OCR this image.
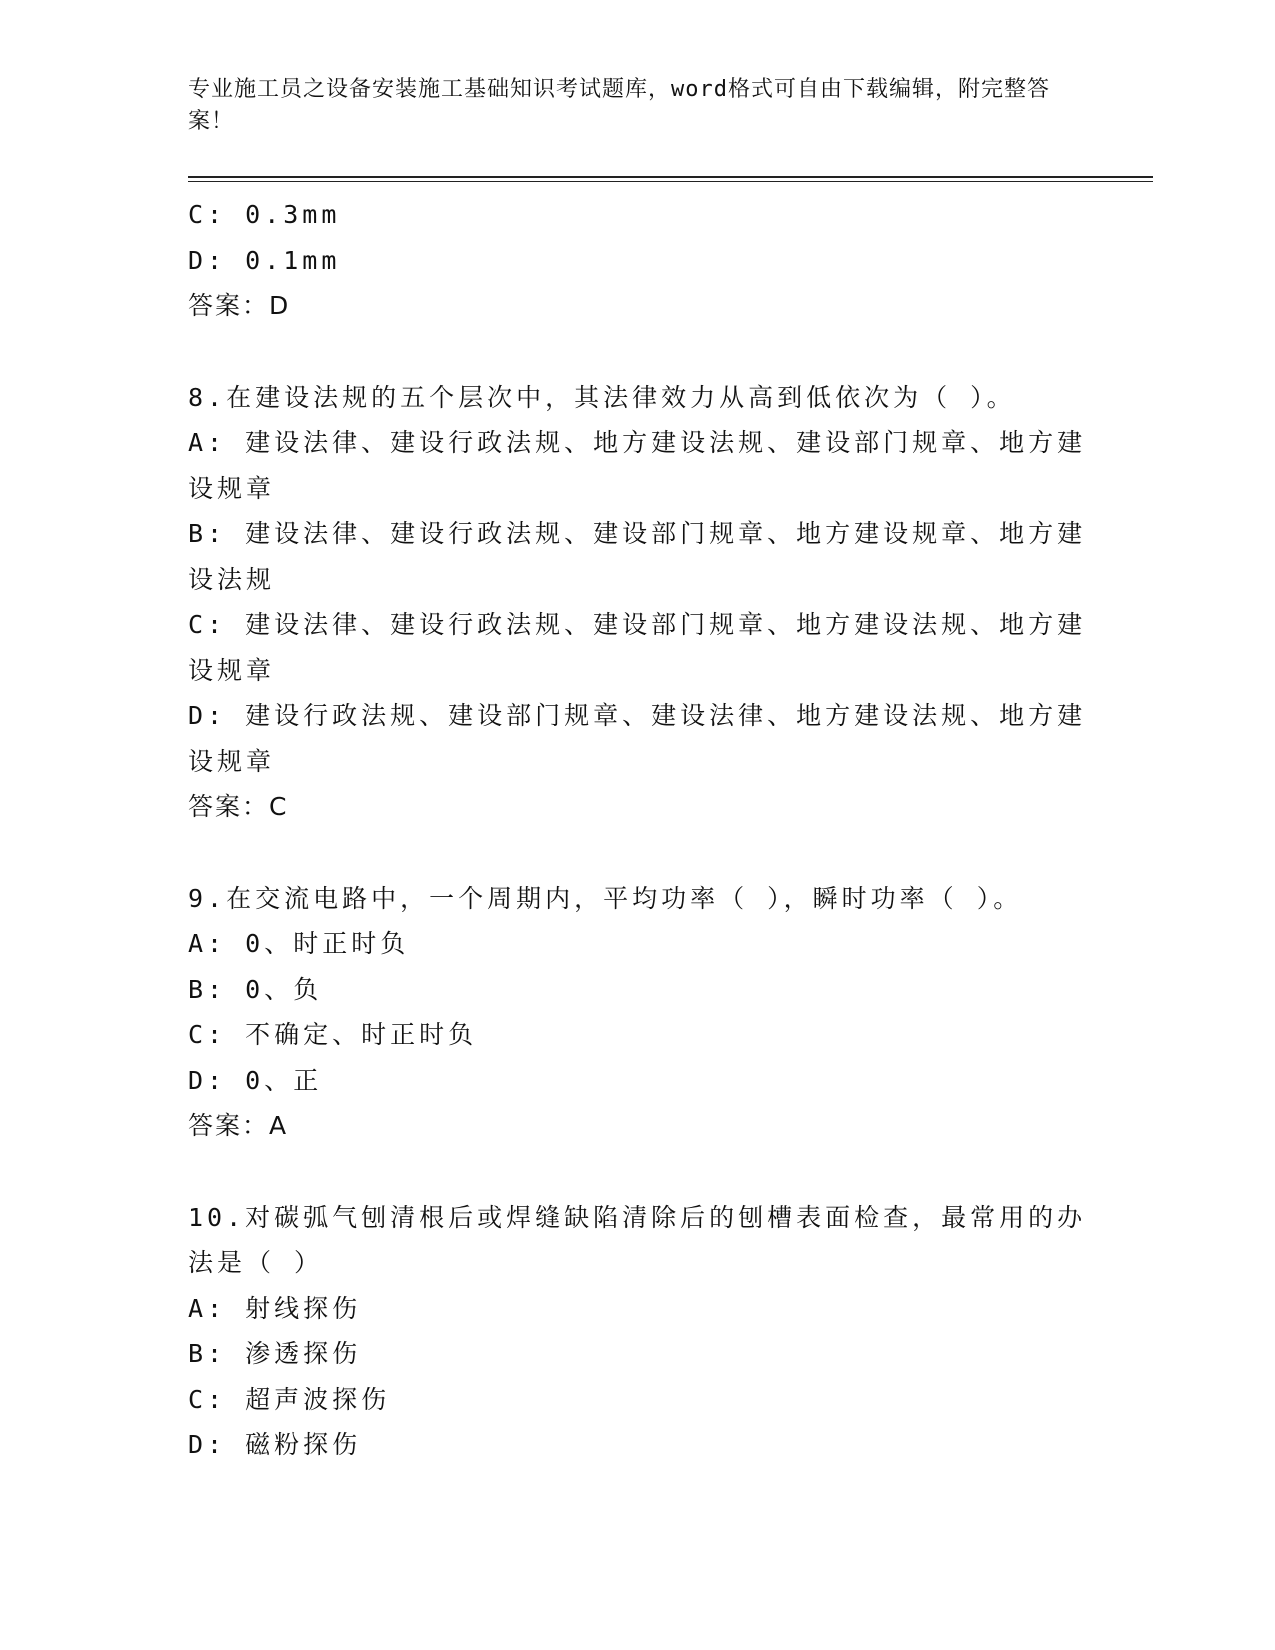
专业施工员之设备安装施工基础知识考试题库，word格式可自由下载编辑，附完整答案！
C: 0.3mm
D: 0.1mm
答案：D
8.在建设法规的五个层次中，其法律效力从高到低依次为（ ）。
A: 建设法律、建设行政法规、地方建设法规、建设部门规章、地方建设规章
B: 建设法律、建设行政法规、建设部门规章、地方建设规章、地方建设法规
C: 建设法律、建设行政法规、建设部门规章、地方建设法规、地方建设规章
D: 建设行政法规、建设部门规章、建设法律、地方建设法规、地方建设规章
答案：C
9.在交流电路中，一个周期内，平均功率（ ），瞬时功率（ ）。
A: 0、时正时负
B: 0、负
C: 不确定、时正时负
D: 0、正
答案：A
10.对碳弧气刨清根后或焊缝缺陷清除后的刨槽表面检查，最常用的办法是（ ）
A: 射线探伤
B: 渗透探伤
C: 超声波探伤
D: 磁粉探伤
